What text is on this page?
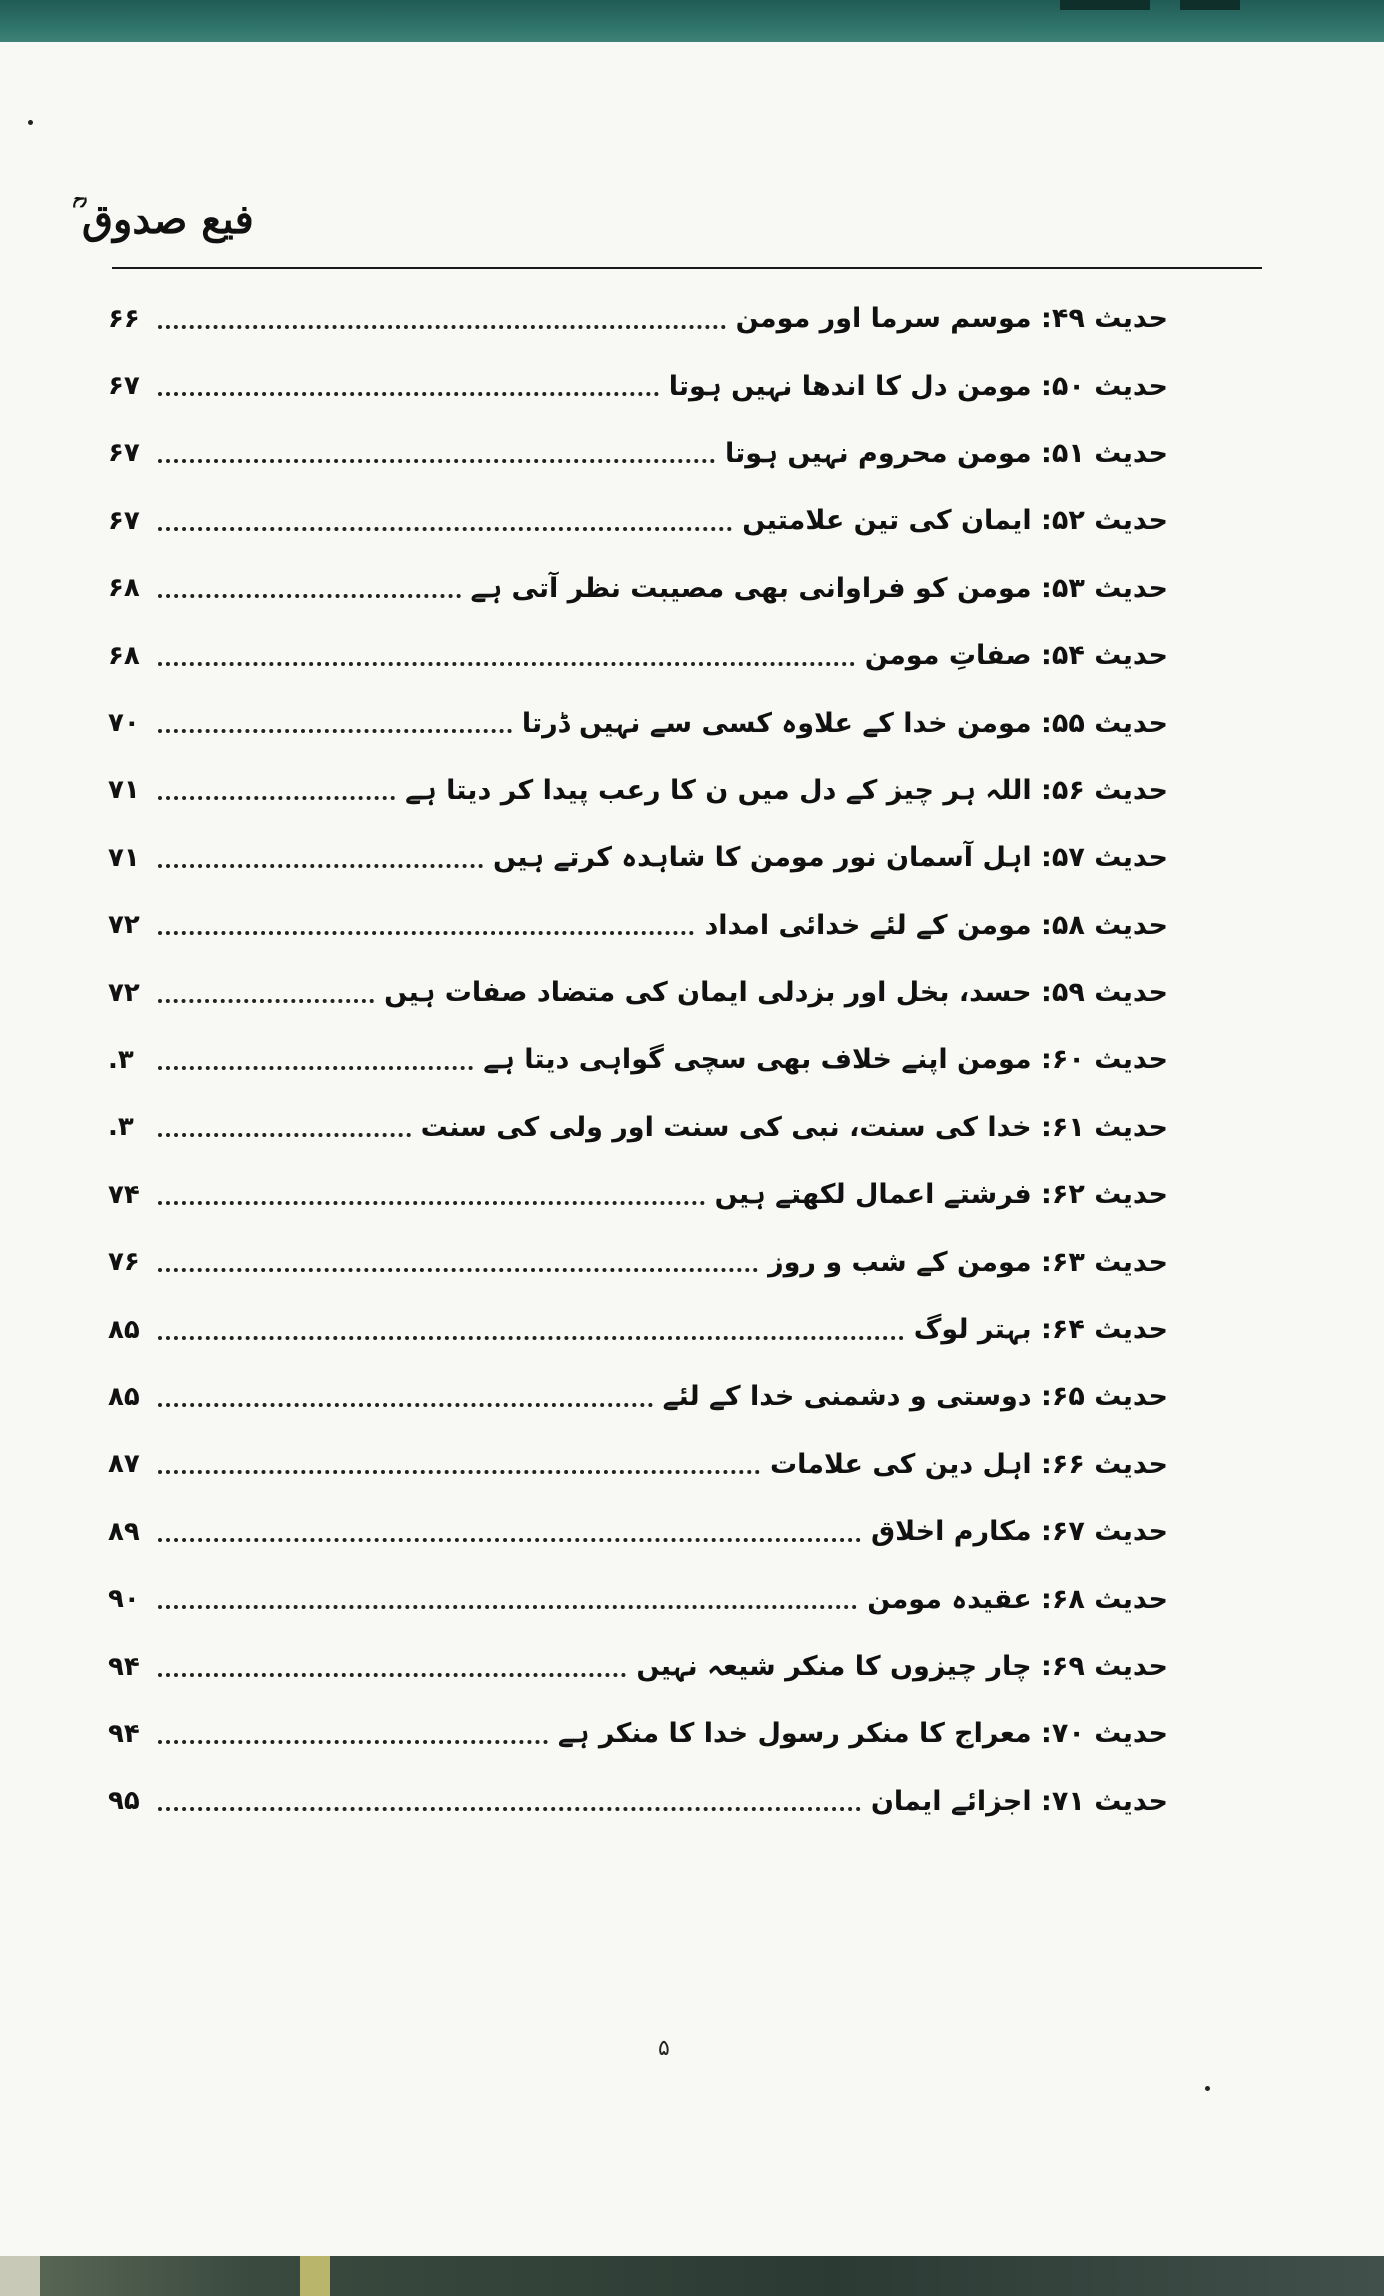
فیع صدوق ؒ
حدیث ۴۹: موسم سرما اور مومن
۶۶
حدیث ۵۰: مومن دل کا اندھا نہیں ہوتا
۶۷
حدیث ۵۱: مومن محروم نہیں ہوتا
۶۷
حدیث ۵۲: ایمان کی تین علامتیں
۶۷
حدیث ۵۳: مومن کو فراوانی بھی مصیبت نظر آتی ہے
۶۸
حدیث ۵۴: صفاتِ مومن
۶۸
حدیث ۵۵: مومن خدا کے علاوہ کسی سے نہیں ڈرتا
۷۰
حدیث ۵۶: اللہ ہر چیز کے دل میں ن کا رعب پیدا کر دیتا ہے
۷۱
حدیث ۵۷: اہل آسمان نور مومن کا شاہدہ کرتے ہیں
۷۱
حدیث ۵۸: مومن کے لئے خدائی امداد
۷۲
حدیث ۵۹: حسد، بخل اور بزدلی ایمان کی متضاد صفات ہیں
۷۲
حدیث ۶۰: مومن اپنے خلاف بھی سچی گواہی دیتا ہے
۳.
حدیث ۶۱: خدا کی سنت، نبی کی سنت اور ولی کی سنت
۳.
حدیث ۶۲: فرشتے اعمال لکھتے ہیں
۷۴
حدیث ۶۳: مومن کے شب و روز
۷۶
حدیث ۶۴: بہتر لوگ
۸۵
حدیث ۶۵: دوستی و دشمنی خدا کے لئے
۸۵
حدیث ۶۶: اہل دین کی علامات
۸۷
حدیث ۶۷: مکارم اخلاق
۸۹
حدیث ۶۸: عقیدہ مومن
۹۰
حدیث ۶۹: چار چیزوں کا منکر شیعہ نہیں
۹۴
حدیث ۷۰: معراج کا منکر رسول خدا کا منکر ہے
۹۴
حدیث ۷۱: اجزائے ایمان
۹۵
۵
